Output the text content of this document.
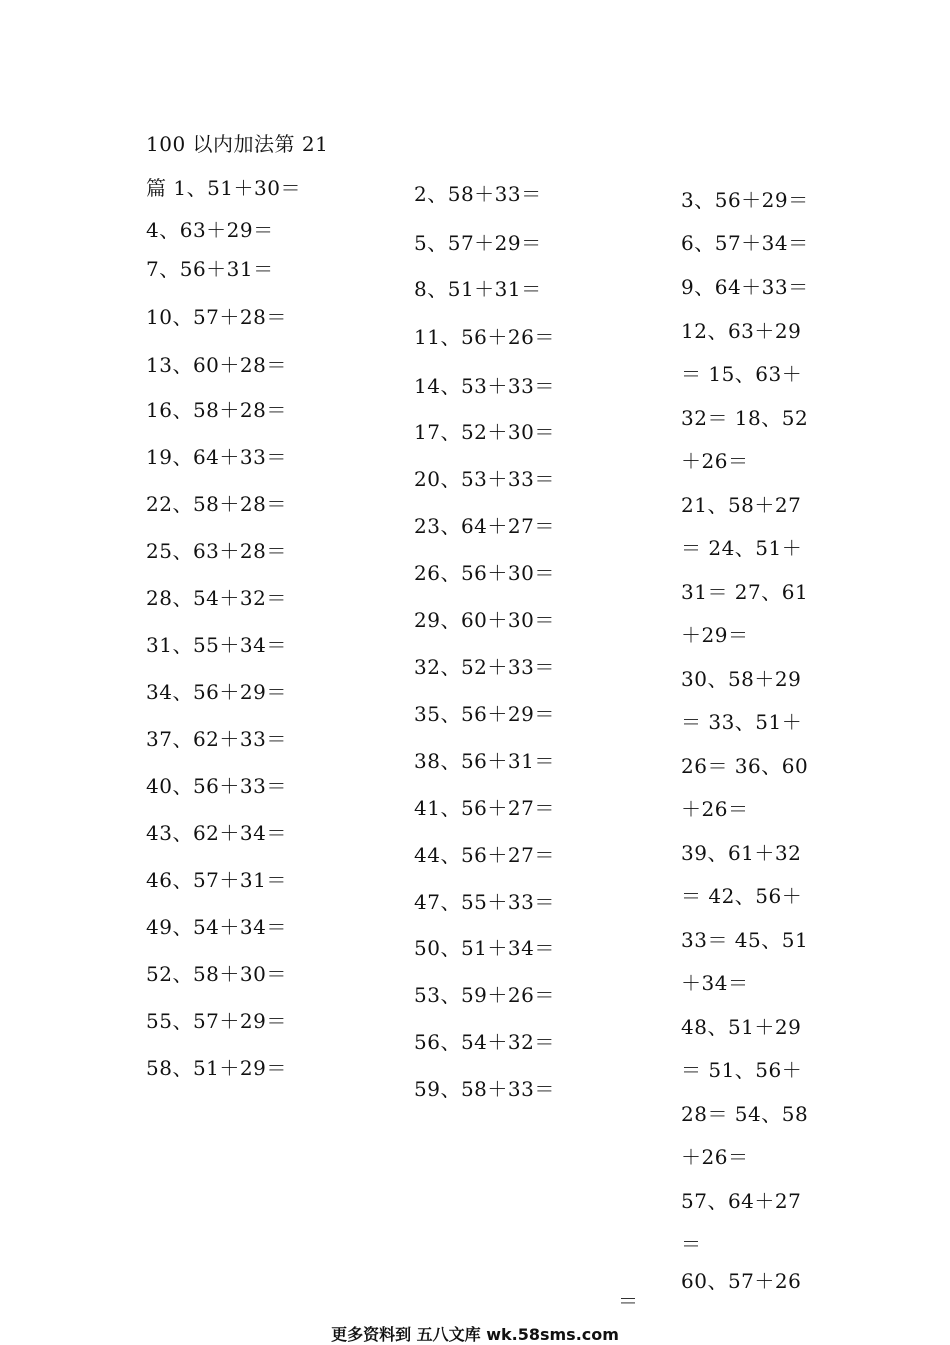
100 以内加法第 21
篇 1、51＋30＝
4、63＋29＝
7、56＋31＝
10、57＋28＝
13、60＋28＝
16、58＋28＝
19、64＋33＝
22、58＋28＝
25、63＋28＝
28、54＋32＝
31、55＋34＝
34、56＋29＝
37、62＋33＝
40、56＋33＝
43、62＋34＝
46、57＋31＝
49、54＋34＝
52、58＋30＝
55、57＋29＝
58、51＋29＝
2、58＋33＝
5、57＋29＝
8、51＋31＝
11、56＋26＝
14、53＋33＝
17、52＋30＝
20、53＋33＝
23、64＋27＝
26、56＋30＝
29、60＋30＝
32、52＋33＝
35、56＋29＝
38、56＋31＝
41、56＋27＝
44、56＋27＝
47、55＋33＝
50、51＋34＝
53、59＋26＝
56、54＋32＝
59、58＋33＝
3、56＋29＝
6、57＋34＝
9、64＋33＝
12、63＋29
＝ 15、63＋
32＝ 18、52
＋26＝
21、58＋27
＝ 24、51＋
31＝ 27、61
＋29＝
30、58＋29
＝ 33、51＋
26＝ 36、60
＋26＝
39、61＋32
＝ 42、56＋
33＝ 45、51
＋34＝
48、51＋29
＝ 51、56＋
28＝ 54、58
＋26＝
57、64＋27
＝
60、57＋26
＝
更多资料到 五八文库 wk.58sms.com
